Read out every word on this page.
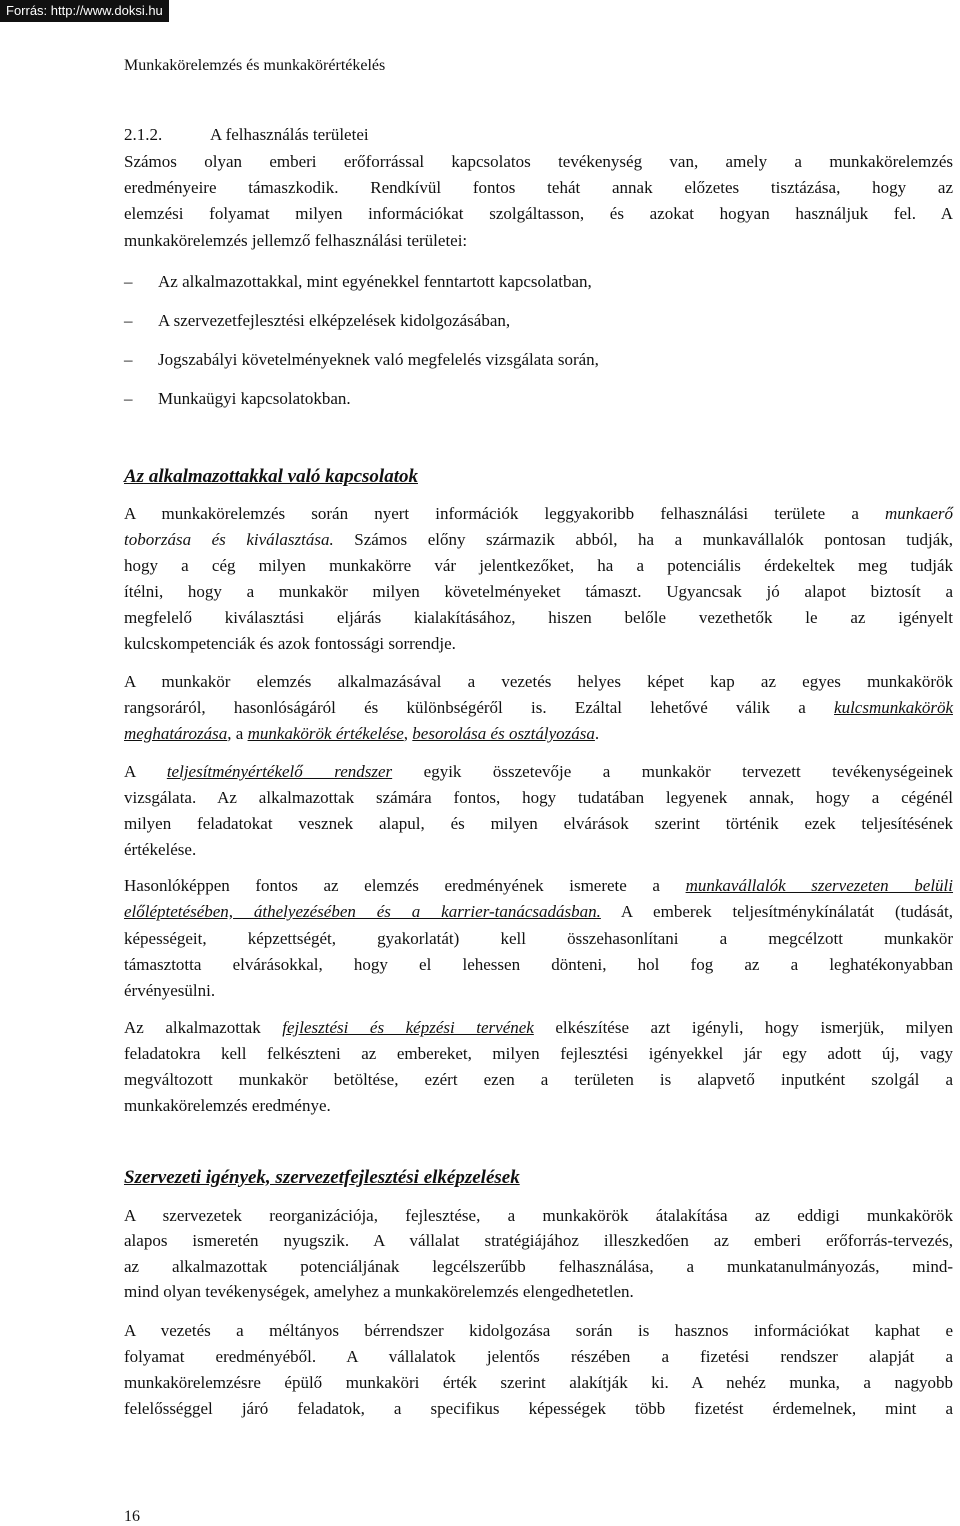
Forrás: http://www.doksi.hu
Munkakörelemzés és munkakörértékelés
2.1.2.	A felhasználás területei
Számos olyan emberi erőforrással kapcsolatos tevékenység van, amely a munkakörelemzés
eredményeire támaszkodik. Rendkívül fontos tehát annak előzetes tisztázása, hogy az
elemzési folyamat milyen információkat szolgáltasson, és azokat hogyan használjuk fel. A
munkakörelemzés jellemző felhasználási területei:
– Az alkalmazottakkal, mint egyénekkel fenntartott kapcsolatban,
– A szervezetfejlesztési elképzelések kidolgozásában,
– Jogszabályi követelményeknek való megfelelés vizsgálata során,
– Munkaügyi kapcsolatokban.
Az alkalmazottakkal való kapcsolatok
A munkakörelemzés során nyert információk leggyakoribb felhasználási területe a munkaerő
toborzása és kiválasztása. Számos előny származik abból, ha a munkavállalók pontosan tudják,
hogy a cég milyen munkakörre vár jelentkezőket, ha a potenciális érdekeltek meg tudják
ítélni, hogy a munkakör milyen követelményeket támaszt. Ugyancsak jó alapot biztosít a
megfelelő kiválasztási eljárás kialakításához, hiszen belőle vezethetők le az igényelt
kulcskompetenciák és azok fontossági sorrendje.
A munkakör elemzés alkalmazásával a vezetés helyes képet kap az egyes munkakörök
rangsoráról, hasonlóságáról és különbségéről is. Ezáltal lehetővé válik a kulcsmunkakörök
meghatározása, a munkakörök értékelése, besorolása és osztályozása.
A teljesítményértékelő rendszer egyik összetevője a munkakör tervezett tevékenységeinek
vizsgálata. Az alkalmazottak számára fontos, hogy tudatában legyenek annak, hogy a cégénél
milyen feladatokat vesznek alapul, és milyen elvárások szerint történik ezek teljesítésének
értékelése.
Hasonlóképpen fontos az elemzés eredményének ismerete a munkavállalók szervezeten belüli
előléptetésében, áthelyezésében és a karrier-tanácsadásban. A emberek teljesítménykínálatát (tudását,
képességeit, képzettségét, gyakorlatát) kell összehasonlítani a megcélzott munkakör
támasztotta elvárásokkal, hogy el lehessen dönteni, hol fog az a leghatékonyabban
érvényesülni.
Az alkalmazottak fejlesztési és képzési tervének elkészítése azt igényli, hogy ismerjük, milyen
feladatokra kell felkészteni az embereket, milyen fejlesztési igényekkel jár egy adott új, vagy
megváltozott munkakör betöltése, ezért ezen a területen is alapvető inputként szolgál a
munkakörelemzés eredménye.
Szervezeti igények, szervezetfejlesztési elképzelések
A szervezetek reorganizációja, fejlesztése, a munkakörök átalakítása az eddigi munkakörök
alapos ismeretén nyugszik. A vállalat stratégiájához illeszkedően az emberi erőforrás-tervezés,
az alkalmazottak potenciáljának legcélszerűbb felhasználása, a munkatanulmányozás, mind-
mind olyan tevékenységek, amelyhez a munkakörelemzés elengedhetetlen.
A vezetés a méltányos bérrendszer kidolgozása során is hasznos információkat kaphat e
folyamat eredményéből. A vállalatok jelentős részében a fizetési rendszer alapját a
munkakörelemzésre épülő munkaköri érték szerint alakítják ki. A nehéz munka, a nagyobb
felelősséggel járó feladatok, a specifikus képességek több fizetést érdemelnek, mint a
16
